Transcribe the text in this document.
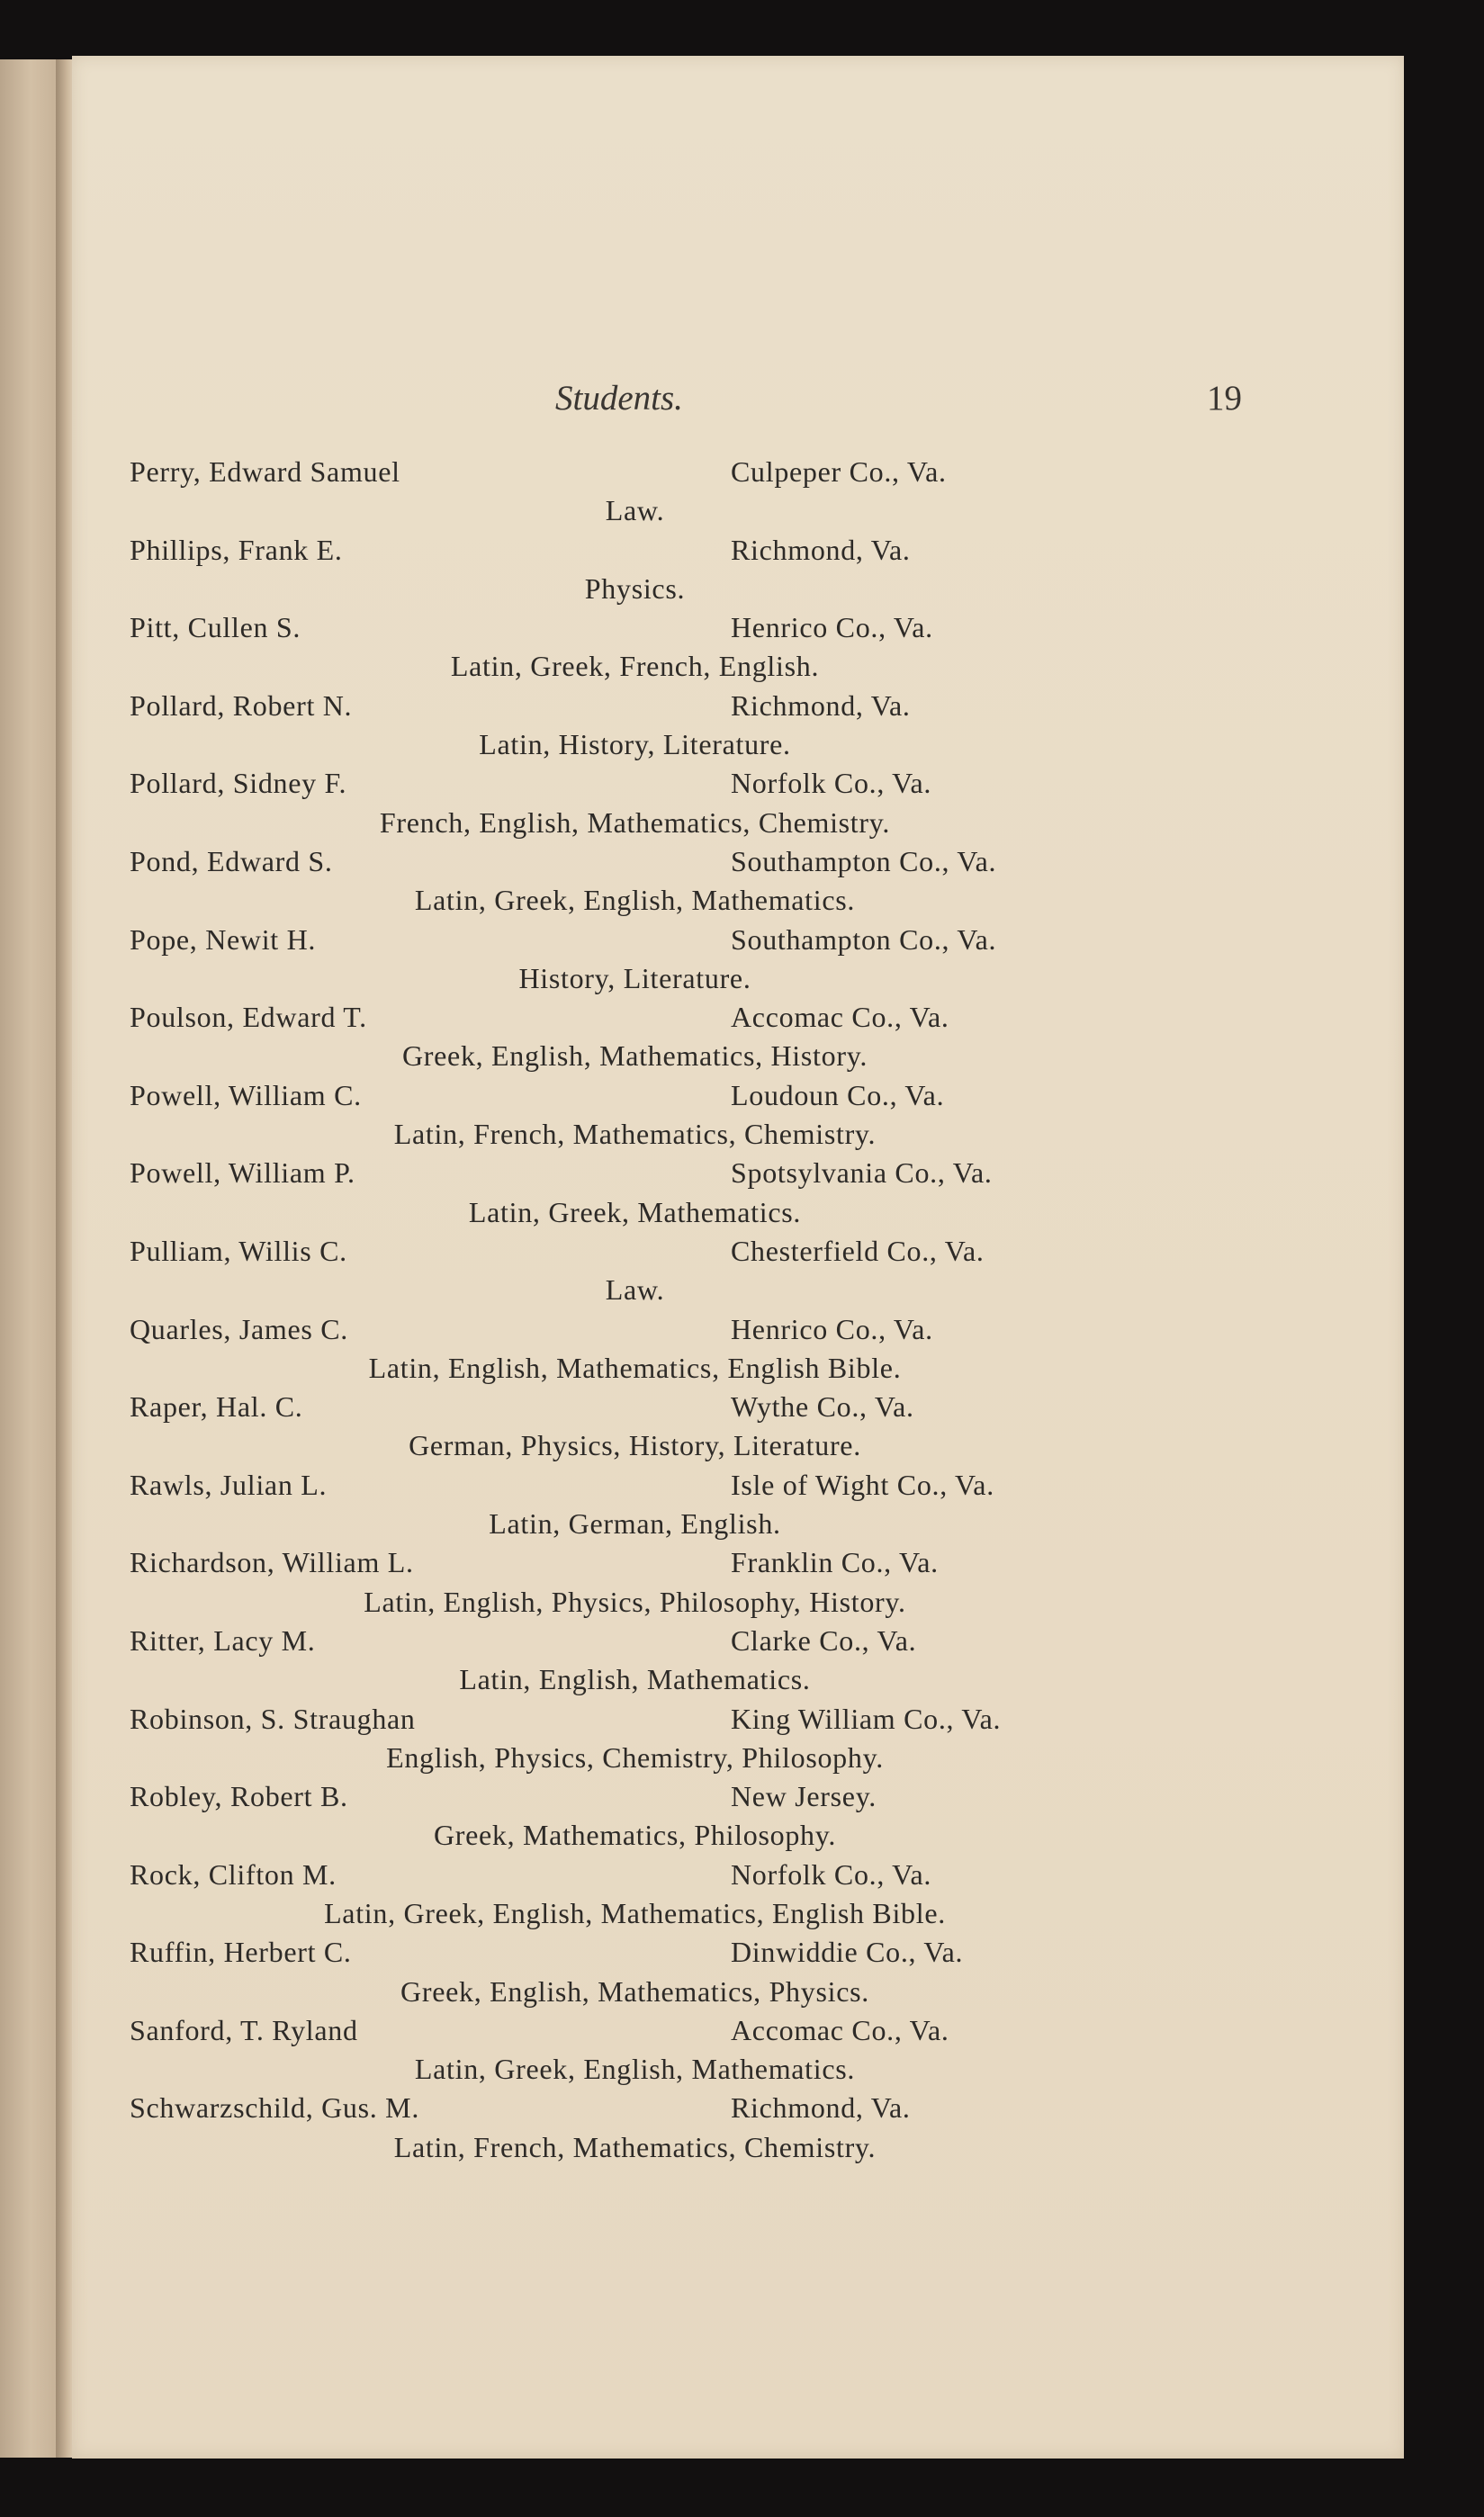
Students.	19
Perry, Edward Samuel	Culpeper Co., Va.
Law.
Phillips, Frank E.	Richmond, Va.
Physics.
Pitt, Cullen S.	Henrico Co., Va.
Latin, Greek, French, English.
Pollard, Robert N.	Richmond, Va.
Latin, History, Literature.
Pollard, Sidney F.	Norfolk Co., Va.
French, English, Mathematics, Chemistry.
Pond, Edward S.	Southampton Co., Va.
Latin, Greek, English, Mathematics.
Pope, Newit H.	Southampton Co., Va.
History, Literature.
Poulson, Edward T.	Accomac Co., Va.
Greek, English, Mathematics, History.
Powell, William C.	Loudoun Co., Va.
Latin, French, Mathematics, Chemistry.
Powell, William P.	Spotsylvania Co., Va.
Latin, Greek, Mathematics.
Pulliam, Willis C.	Chesterfield Co., Va.
Law.
Quarles, James C.	Henrico Co., Va.
Latin, English, Mathematics, English Bible.
Raper, Hal. C.	Wythe Co., Va.
German, Physics, History, Literature.
Rawls, Julian L.	Isle of Wight Co., Va.
Latin, German, English.
Richardson, William L.	Franklin Co., Va.
Latin, English, Physics, Philosophy, History.
Ritter, Lacy M.	Clarke Co., Va.
Latin, English, Mathematics.
Robinson, S. Straughan	King William Co., Va.
English, Physics, Chemistry, Philosophy.
Robley, Robert B.	New Jersey.
Greek, Mathematics, Philosophy.
Rock, Clifton M.	Norfolk Co., Va.
Latin, Greek, English, Mathematics, English Bible.
Ruffin, Herbert C.	Dinwiddie Co., Va.
Greek, English, Mathematics, Physics.
Sanford, T. Ryland	Accomac Co., Va.
Latin, Greek, English, Mathematics.
Schwarzschild, Gus. M.	Richmond, Va.
Latin, French, Mathematics, Chemistry.
